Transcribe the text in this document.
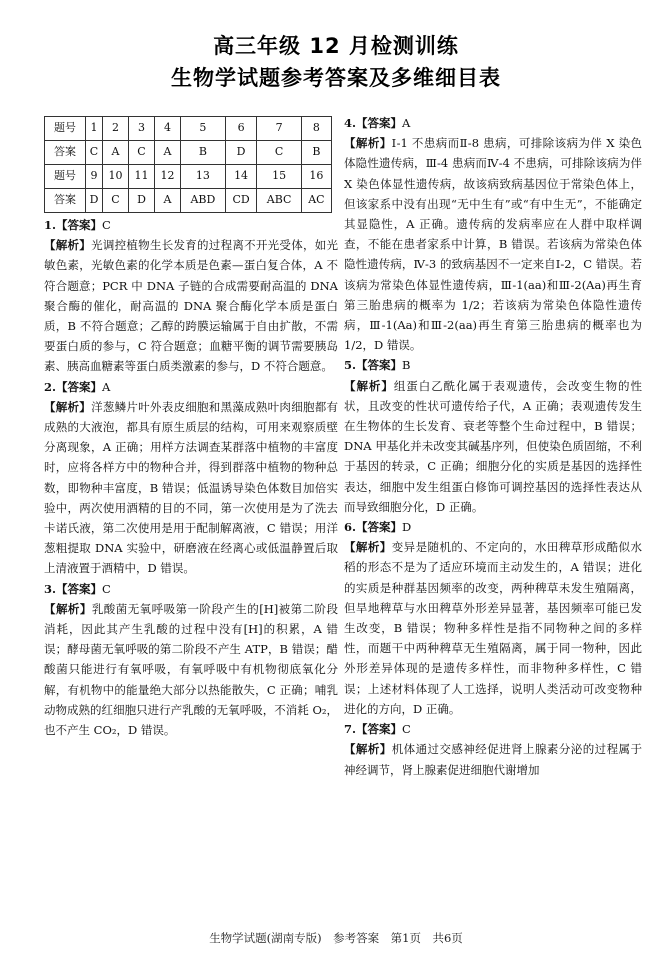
高三年级 12 月检测训练
生物学试题参考答案及多维细目表
题号	1	2	3	4	5	6	7	8
答案	C	A	C	A	B	D	C	B
题号	9	10	11	12	13	14	15	16
答案	D	C	D	A	ABD	CD	ABC	AC
1.【答案】C

【解析】光调控植物生长发育的过程离不开光受体，如光敏色素，光敏色素的化学本质是色素—蛋白复合体，A 不符合题意；PCR 中 DNA 子链的合成需要耐高温的 DNA 聚合酶的催化，耐高温的 DNA 聚合酶化学本质是蛋白质，B 不符合题意；乙醇的跨膜运输属于自由扩散，不需要蛋白质的参与，C 符合题意；血糖平衡的调节需要胰岛素、胰高血糖素等蛋白质类激素的参与，D 不符合题意。

2.【答案】A

【解析】洋葱鳞片叶外表皮细胞和黑藻成熟叶肉细胞都有成熟的大液泡，都具有原生质层的结构，可用来观察质壁分离现象，A 正确；用样方法调查某群落中植物的丰富度时，应将各样方中的物种合并，得到群落中植物的物种总数，即物种丰富度，B 错误；低温诱导染色体数目加倍实验中，两次使用酒精的目的不同，第一次使用是为了洗去卡诺氏液，第二次使用是用于配制解离液，C 错误；用洋葱粗提取 DNA 实验中，研磨液在经离心或低温静置后取上清液置于酒精中，D 错误。

3.【答案】C

【解析】乳酸菌无氧呼吸第一阶段产生的[H]被第二阶段消耗，因此其产生乳酸的过程中没有[H]的积累，A 错误；酵母菌无氧呼吸的第二阶段不产生 ATP，B 错误；醋酸菌只能进行有氧呼吸，有氧呼吸中有机物彻底氧化分解，有机物中的能量绝大部分以热能散失，C 正确；哺乳动物成熟的红细胞只进行产乳酸的无氧呼吸，不消耗 O₂，也不产生 CO₂，D 错误。

4.【答案】A

【解析】Ⅰ-1 不患病而Ⅱ-8 患病，可排除该病为伴 X 染色体隐性遗传病，Ⅲ-4 患病而Ⅳ-4 不患病，可排除该病为伴 X 染色体显性遗传病，故该病致病基因位于常染色体上，但该家系中没有出现“无中生有”或“有中生无”，不能确定其显隐性，A 正确。遗传病的发病率应在人群中取样调查，不能在患者家系中计算，B 错误。若该病为常染色体隐性遗传病，Ⅳ-3 的致病基因不一定来自Ⅰ-2，C 错误。若该病为常染色体显性遗传病，Ⅲ-1(aa)和Ⅲ-2(Aa)再生育第三胎患病的概率为 1/2；若该病为常染色体隐性遗传病，Ⅲ-1(Aa)和Ⅲ-2(aa)再生育第三胎患病的概率也为 1/2，D 错误。

5.【答案】B

【解析】组蛋白乙酰化属于表观遗传，会改变生物的性状，且改变的性状可遗传给子代，A 正确；表观遗传发生在生物体的生长发育、衰老等整个生命过程中，B 错误；DNA 甲基化并未改变其碱基序列，但使染色质固缩，不利于基因的转录，C 正确；细胞分化的实质是基因的选择性表达，细胞中发生组蛋白修饰可调控基因的选择性表达从而导致细胞分化，D 正确。

6.【答案】D

【解析】变异是随机的、不定向的，水田稗草形成酷似水稻的形态不是为了适应环境而主动发生的，A 错误；进化的实质是种群基因频率的改变，两种稗草未发生殖隔离，但旱地稗草与水田稗草外形差异显著，基因频率可能已发生改变，B 错误；物种多样性是指不同物种之间的多样性，而题干中两种稗草无生殖隔离，属于同一物种，因此外形差异体现的是遗传多样性，而非物种多样性，C 错误；上述材料体现了人工选择，说明人类活动可改变物种进化的方向，D 正确。

7.【答案】C

【解析】机体通过交感神经促进肾上腺素分泌的过程属于神经调节，肾上腺素促进细胞代谢增加

生物学试题(湖南专版)　参考答案　第1页　共6页
